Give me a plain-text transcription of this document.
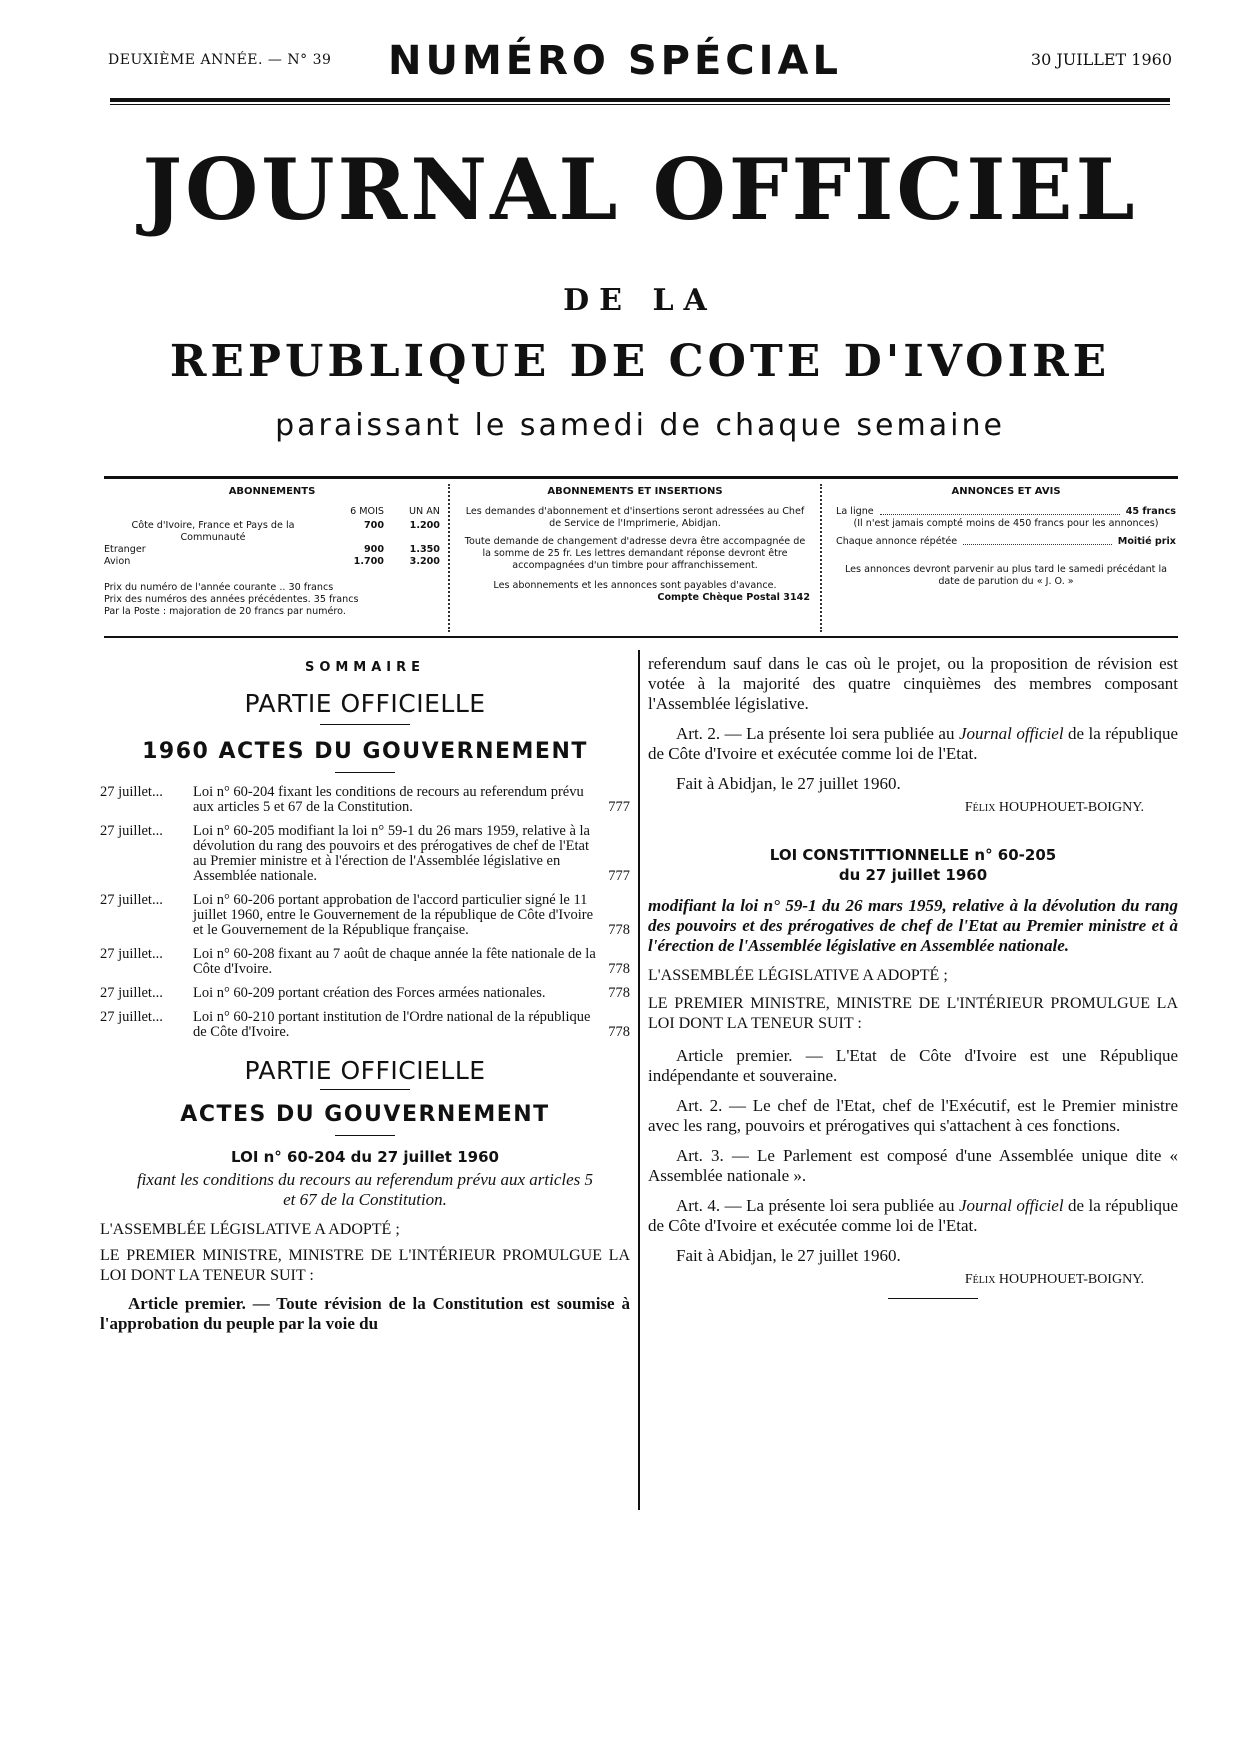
DEUXIÈME ANNÉE. — N° 39 NUMÉRO SPÉCIAL	30 JUILLET 1960
JOURNAL OFFICIEL
DE LA
REPUBLIQUE DE COTE D'IVOIRE
paraissant le samedi de chaque semaine
ABONNEMENTS
6 MOIS	UN AN
Côte d'Ivoire, France et Pays de la Communauté
700	1.200
Etranger	900	1.350
Avion	1.700	3.200
Prix du numéro de l'année courante .. 30 francs
Prix des numéros des années précédentes. 35 francs
Par la Poste : majoration de 20 francs par numéro.
ABONNEMENTS ET INSERTIONS
Les demandes d'abonnement et d'insertions seront adressées au Chef de Service de l'Imprimerie, Abidjan.
Toute demande de changement d'adresse devra être accompagnée de la somme de 25 fr. Les lettres demandant réponse devront être accompagnées d'un timbre pour affranchissement.
Les abonnements et les annonces sont payables d'avance.
Compte Chèque Postal 3142
ANNONCES ET AVIS
La ligne	45 francs
(Il n'est jamais compté moins de 450 francs pour les annonces)
Chaque annonce répétée	Moitié prix
Les annonces devront parvenir au plus tard le samedi précédant la date de parution du « J. O. »
SOMMAIRE
PARTIE OFFICIELLE
1960 ACTES DU GOUVERNEMENT
27 juillet... Loi n° 60-204 fixant les conditions de recours au referendum prévu aux articles 5 et 67 de la Constitution.	777
27 juillet... Loi n° 60-205 modifiant la loi n° 59-1 du 26 mars 1959, relative à la dévolution du rang des pouvoirs et des prérogatives de chef de l'Etat au Premier ministre et à l'érection de l'Assemblée législative en Assemblée nationale.	777
27 juillet... Loi n° 60-206 portant approbation de l'accord particulier signé le 11 juillet 1960, entre le Gouvernement de la république de Côte d'Ivoire et le Gouvernement de la République française.	778
27 juillet... Loi n° 60-208 fixant au 7 août de chaque année la fête nationale de la Côte d'Ivoire.	778
27 juillet... Loi n° 60-209 portant création des Forces armées nationales.	778
27 juillet... Loi n° 60-210 portant institution de l'Ordre national de la république de Côte d'Ivoire.	778
PARTIE OFFICIELLE
ACTES DU GOUVERNEMENT
LOI n° 60-204 du 27 juillet 1960
fixant les conditions du recours au referendum prévu aux articles 5 et 67 de la Constitution.

L'ASSEMBLÉE LÉGISLATIVE A ADOPTÉ ;

LE PREMIER MINISTRE, MINISTRE DE L'INTÉRIEUR PROMULGUE LA LOI DONT LA TENEUR SUIT :

Article premier. — Toute révision de la Constitution est soumise à l'approbation du peuple par la voie du

referendum sauf dans le cas où le projet, ou la proposition de révision est votée à la majorité des quatre cinquièmes des membres composant l'Assemblée législative.

Art. 2. — La présente loi sera publiée au Journal officiel de la république de Côte d'Ivoire et exécutée comme loi de l'Etat.

Fait à Abidjan, le 27 juillet 1960.

Félix HOUPHOUET-BOIGNY.
LOI CONSTITTIONNELLE n° 60-205
du 27 juillet 1960
modifiant la loi n° 59-1 du 26 mars 1959, relative à la dévolution du rang des pouvoirs et des prérogatives de chef de l'Etat au Premier ministre et à l'érection de l'Assemblée législative en Assemblée nationale.

L'ASSEMBLÉE LÉGISLATIVE A ADOPTÉ ;

LE PREMIER MINISTRE, MINISTRE DE L'INTÉRIEUR PROMULGUE LA LOI DONT LA TENEUR SUIT :

Article premier. — L'Etat de Côte d'Ivoire est une République indépendante et souveraine.

Art. 2. — Le chef de l'Etat, chef de l'Exécutif, est le Premier ministre avec les rang, pouvoirs et prérogatives qui s'attachent à ces fonctions.

Art. 3. — Le Parlement est composé d'une Assemblée unique dite « Assemblée nationale ».

Art. 4. — La présente loi sera publiée au Journal officiel de la république de Côte d'Ivoire et exécutée comme loi de l'Etat.

Fait à Abidjan, le 27 juillet 1960.

Félix HOUPHOUET-BOIGNY.
